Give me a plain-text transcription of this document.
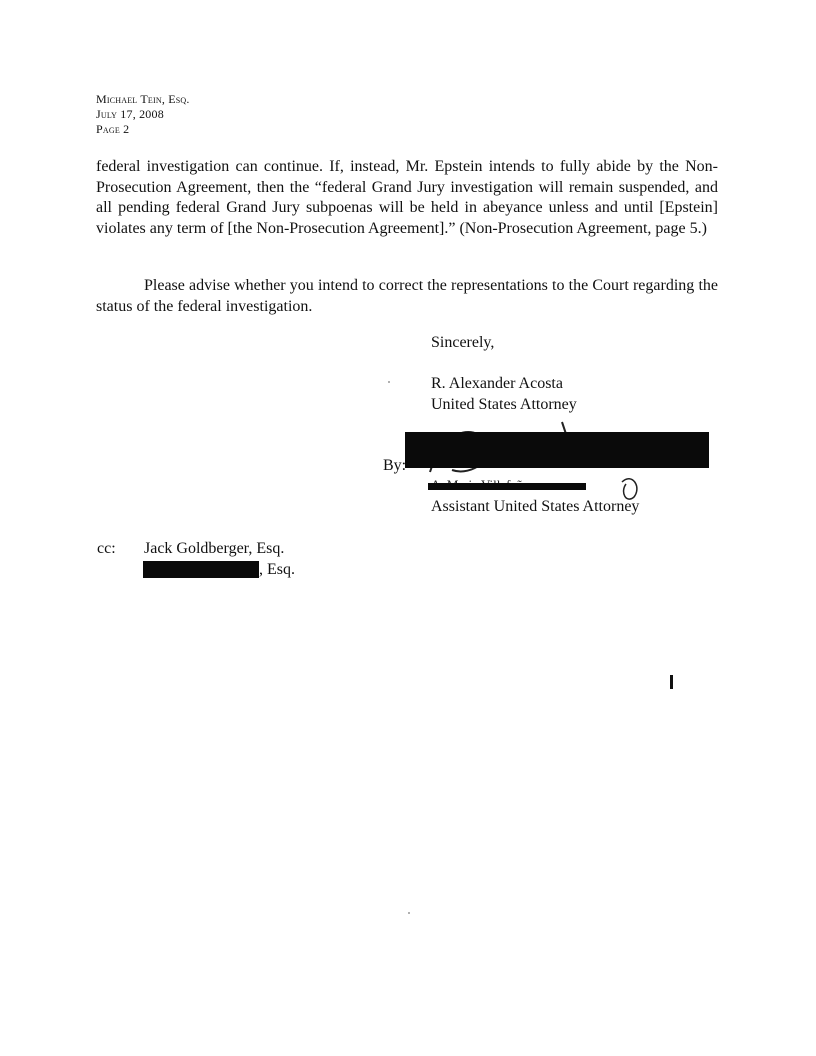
Michael Tein, Esq.
July 17, 2008
Page 2

federal investigation can continue. If, instead, Mr. Epstein intends to fully abide by the Non-Prosecution Agreement, then the “federal Grand Jury investigation will remain suspended, and all pending federal Grand Jury subpoenas will be held in abeyance unless and until [Epstein] violates any term of [the Non-Prosecution Agreement].” (Non-Prosecution Agreement, page 5.)

Please advise whether you intend to correct the representations to the Court regarding the status of the federal investigation.

Sincerely,
R. Alexander Acosta
United States Attorney
By:
Assistant United States Attorney
cc: Jack Goldberger, Esq.
, Esq.
